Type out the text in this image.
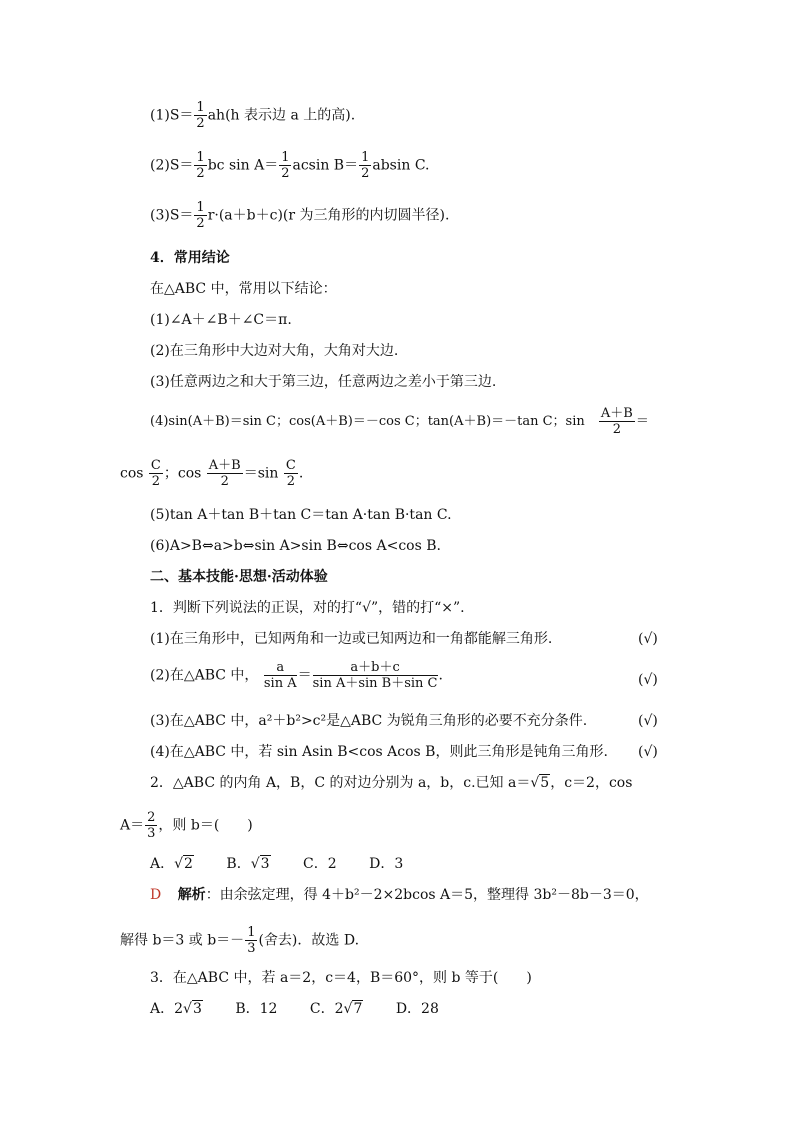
$(1)S= \frac{1}{2} ah(h$ 表示边 a 上的高).
$(2)S= \frac{1}{2}$ bc $\sin A= \frac{1}{2}$ acsin $B= \frac{1}{2}$ absin C.
$(3)S= \frac{1}{2} r\cdot(a+b+c)(r$ 为三角形的内切圆半径).
4．常用结论
在△ABC 中，常用以下结论：
(1)∠A＋∠B＋∠C＝π.
(2)在三角形中大边对大角，大角对大边.
(3)任意两边之和大于第三边，任意两边之差小于第三边.
(4)sin(A＋B)＝sin C；cos(A＋B)＝－cos C；tan(A＋B)＝－tan C；$\sin \frac{A+B}{2}$ ＝
$\cos \frac{C}{2}$ ；$\cos \frac{A+B}{2} =\sin \frac{C}{2}$ .
(5)tan A＋tan B＋tan C＝tan A·tan B·tan C.
(6)A>B⇔a>b⇔sin A>sin B⇔cos A<cos B.
二、基本技能·思想·活动体验
1．判断下列说法的正误，对的打“√”，错的打“×”.
(1)在三角形中，已知两角和一边或已知两边和一角都能解三角形.	(√)
(2)在△ABC 中， $\frac{a}{\text{sin A}} = \frac{a+b+c}{\text{sin A＋sin B＋sin C}}$ .	(√)
(3)在△ABC 中，a²＋b²>c²是△ABC 为锐角三角形的必要不充分条件.	(√)
(4)在△ABC 中，若 sin Asin B<cos Acos B，则此三角形是钝角三角形. (√)
2．△ABC 的内角 A，B，C 的对边分别为 a，b，c.已知 a＝√5，c＝2，cos
$A= \frac{2}{3}$ ，则 b＝(　　)
A．√2 B．√3 C．2 D．3
D 解析：由余弦定理，得 4＋b²－2×2bcos A＝5，整理得 3b²－8b－3＝0，
解得 b＝3 或 $b=- \frac{1}{3}$ (舍去)．故选 D.
3．在△ABC 中，若 a＝2，c＝4，B＝60°，则 b 等于(　　)
A．2√3 B．12 C．2√7 D．28
